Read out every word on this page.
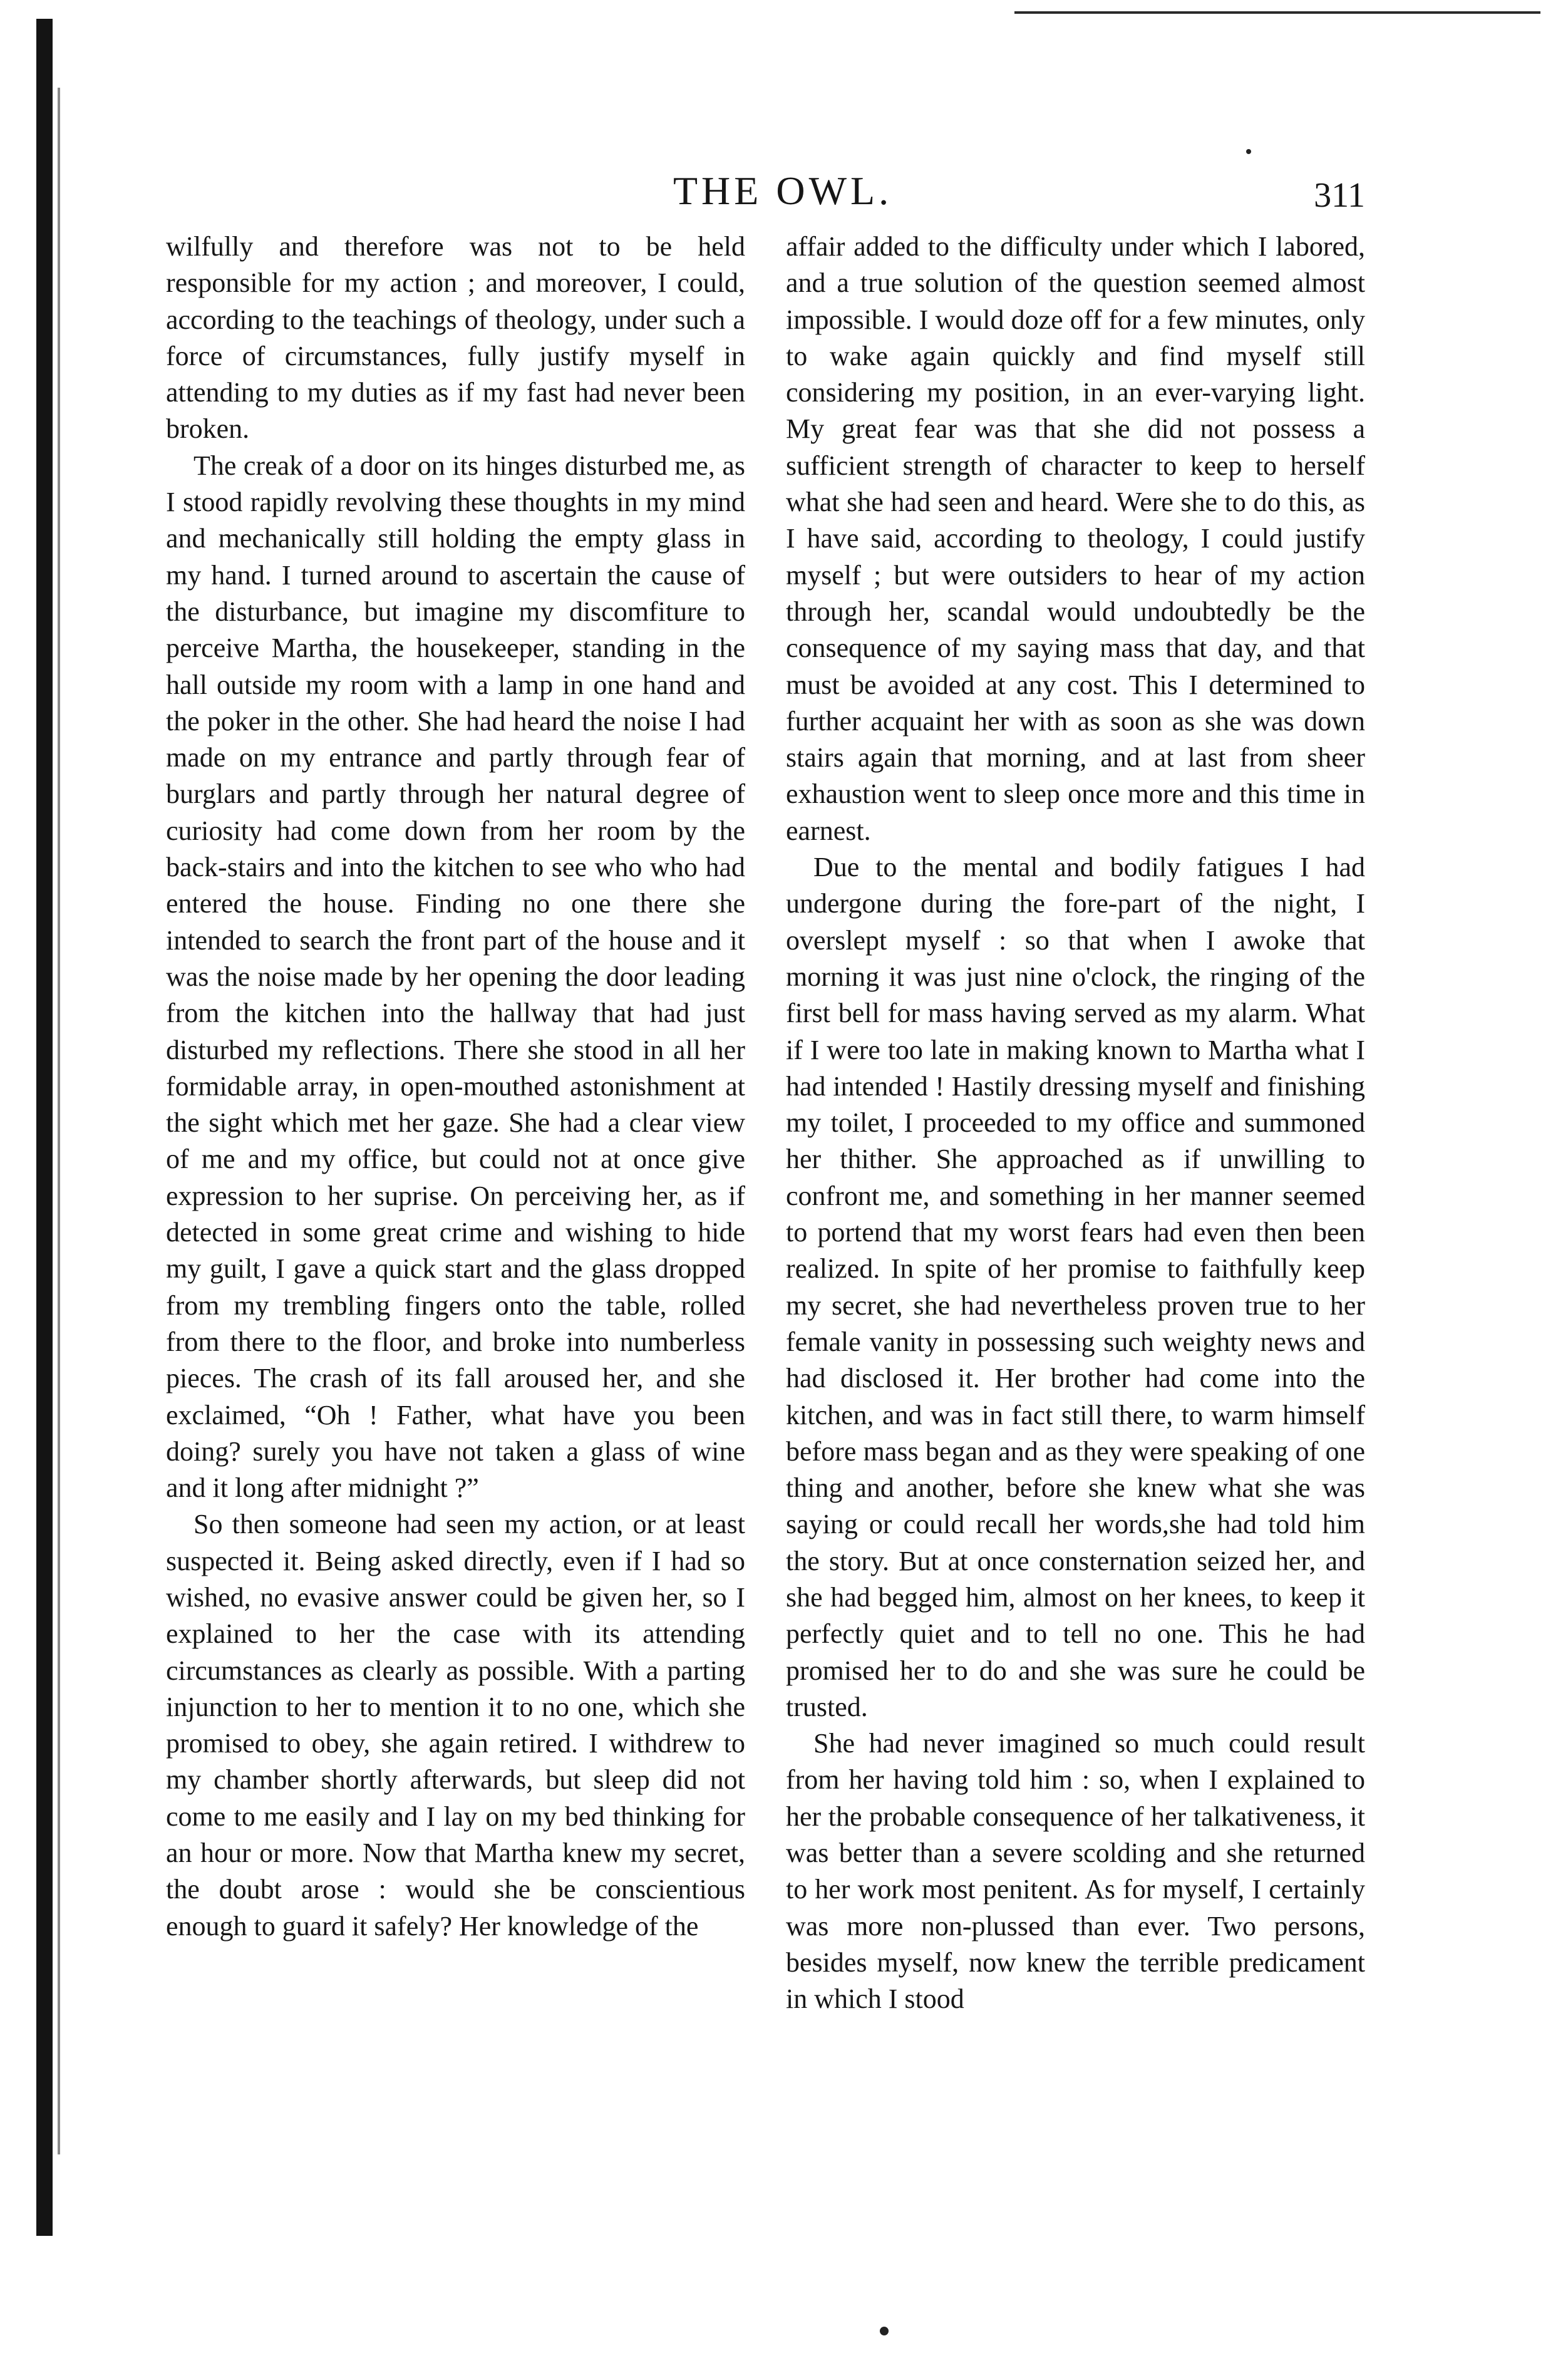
THE OWL.	311

wilfully and therefore was not to be held responsible for my action ; and moreover, I could, according to the teachings of theology, under such a force of circumstances, fully justify myself in attending to my duties as if my fast had never been broken.

The creak of a door on its hinges disturbed me, as I stood rapidly revolving these thoughts in my mind and mechanically still holding the empty glass in my hand. I turned around to ascertain the cause of the disturbance, but imagine my discomfiture to perceive Martha, the housekeeper, standing in the hall outside my room with a lamp in one hand and the poker in the other. She had heard the noise I had made on my entrance and partly through fear of burglars and partly through her natural degree of curiosity had come down from her room by the back-stairs and into the kitchen to see who who had entered the house. Finding no one there she intended to search the front part of the house and it was the noise made by her opening the door leading from the kitchen into the hallway that had just disturbed my reflections. There she stood in all her formidable array, in open-mouthed astonishment at the sight which met her gaze. She had a clear view of me and my office, but could not at once give expression to her suprise. On perceiving her, as if detected in some great crime and wishing to hide my guilt, I gave a quick start and the glass dropped from my trembling fingers onto the table, rolled from there to the floor, and broke into numberless pieces. The crash of its fall aroused her, and she exclaimed, “Oh ! Father, what have you been doing? surely you have not taken a glass of wine and it long after midnight ?”

So then someone had seen my action, or at least suspected it. Being asked directly, even if I had so wished, no evasive answer could be given her, so I explained to her the case with its attending circumstances as clearly as possible. With a parting injunction to her to mention it to no one, which she promised to obey, she again retired. I withdrew to my chamber shortly afterwards, but sleep did not come to me easily and I lay on my bed thinking for an hour or more. Now that Martha knew my secret, the doubt arose : would she be conscientious enough to guard it safely? Her knowledge of the

affair added to the difficulty under which I labored, and a true solution of the question seemed almost impossible. I would doze off for a few minutes, only to wake again quickly and find myself still considering my position, in an ever-varying light. My great fear was that she did not possess a sufficient strength of character to keep to herself what she had seen and heard. Were she to do this, as I have said, according to theology, I could justify myself ; but were outsiders to hear of my action through her, scandal would undoubtedly be the consequence of my saying mass that day, and that must be avoided at any cost. This I determined to further acquaint her with as soon as she was down stairs again that morning, and at last from sheer exhaustion went to sleep once more and this time in earnest.

Due to the mental and bodily fatigues I had undergone during the fore-part of the night, I overslept myself : so that when I awoke that morning it was just nine o'clock, the ringing of the first bell for mass having served as my alarm. What if I were too late in making known to Martha what I had intended ! Hastily dressing myself and finishing my toilet, I proceeded to my office and summoned her thither. She approached as if unwilling to confront me, and something in her manner seemed to portend that my worst fears had even then been realized. In spite of her promise to faithfully keep my secret, she had nevertheless proven true to her female vanity in possessing such weighty news and had disclosed it. Her brother had come into the kitchen, and was in fact still there, to warm himself before mass began and as they were speaking of one thing and another, before she knew what she was saying or could recall her words,she had told him the story. But at once consternation seized her, and she had begged him, almost on her knees, to keep it perfectly quiet and to tell no one. This he had promised her to do and she was sure he could be trusted.

She had never imagined so much could result from her having told him : so, when I explained to her the probable consequence of her talkativeness, it was better than a severe scolding and she returned to her work most penitent. As for myself, I certainly was more non-plussed than ever. Two persons, besides myself, now knew the terrible predicament in which I stood
